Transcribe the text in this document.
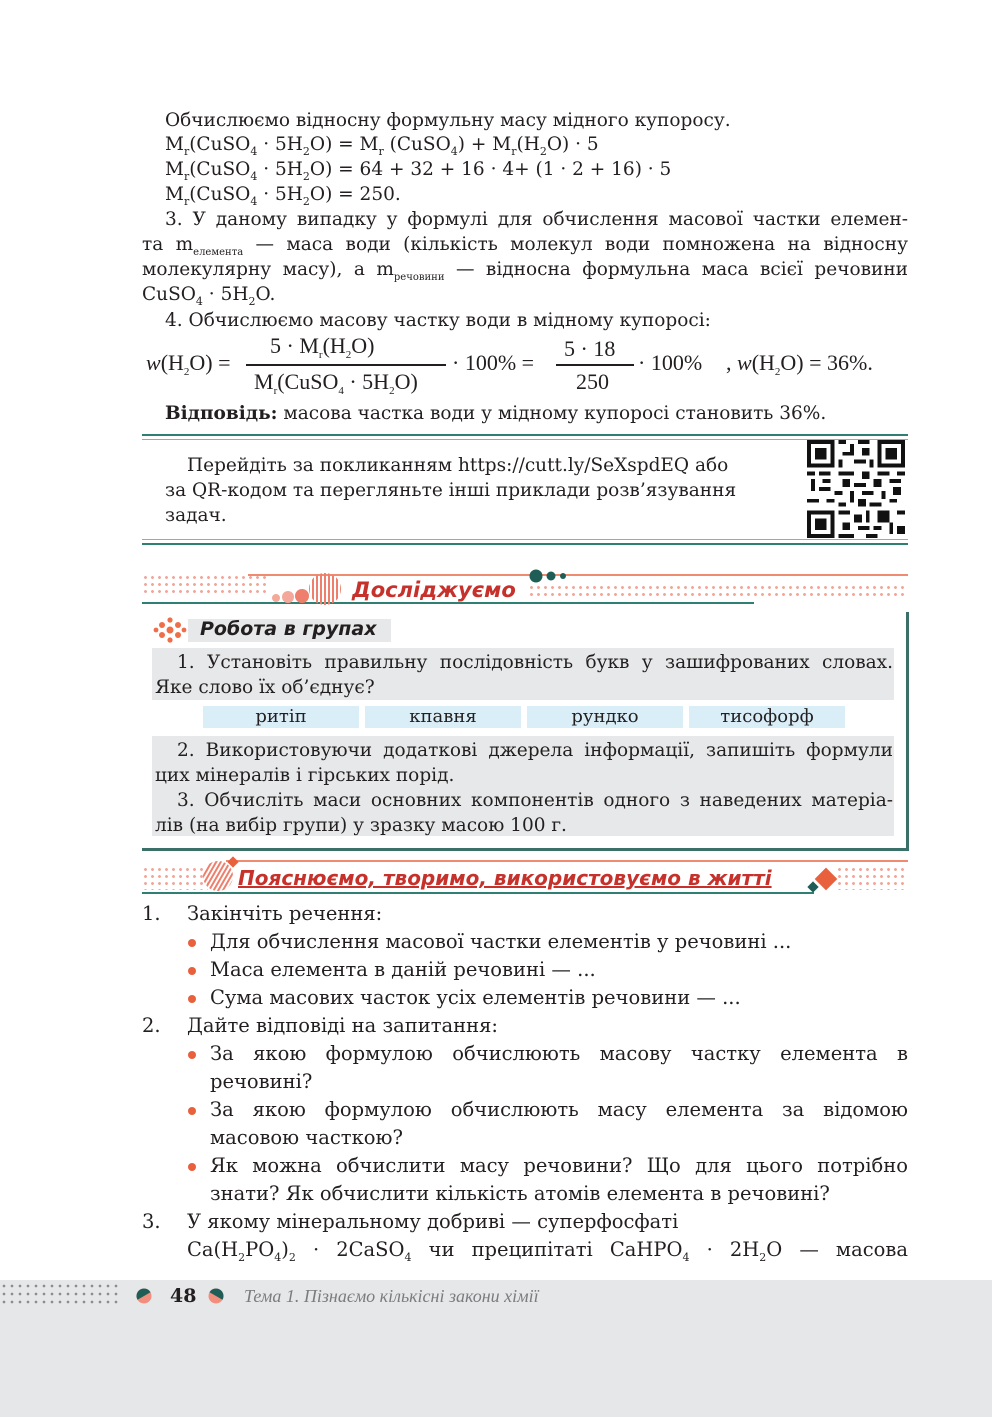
Обчислюємо відносну формульну масу мідного купоросу.
$M_r(CuSO_4 \cdot 5H_2O) = M_r$ (CuSO$_4$) + $M_r(H_2O) \cdot 5$
$M_r(CuSO_4 \cdot 5H_2O) = 64 + 32 + 16 \cdot 4+ (1 \cdot 2 + 16) \cdot 5$
$M_r(CuSO_4 \cdot 5H_2O) = 250$.
3. У даному випадку у формулі для обчислення масової частки елемен-
та $m_{елемента}$ — маса води (кількість молекул води помножена на відносну
молекулярну масу), а $m_{речовини}$ — відносна формульна маса всієї речовини
CuSO$_4$ · $5H_2O$.
4. Обчислюємо масову частку води в мідному купоросі:
$w(H_2O)$ =
$5 \cdot M_r(H_2O)$
$M_r(CuSO_4 \cdot 5H_2O)$
· 100% =
5 · 18
250
· 100% , $w(H_2O) = 36\%$.
Відповідь: масова частка води у мідному купоросі становить 36%.
Перейдіть за покликанням https://cutt.ly/SeXspdEQ або
за QR-кодом та перегляньте інші приклади розв’язування
задач.
Досліджуємо
Робота в групах
1. Установіть правильну послідовність букв у зашифрованих словах.
Яке слово їх об’єднує?
ритіп	кпавня	рундко	тисофорф
2. Використовуючи додаткові джерела інформації, запишіть формули
цих мінералів і гірських порід.
3. Обчисліть маси основних компонентів одного з наведених матеріа-
лів (на вибір групи) у зразку масою 100 г.
Пояснюємо, творимо, використовуємо в житті
1. Закінчіть речення:
Для обчислення масової частки елементів у речовині ...
Маса елемента в даній речовині — ...
Сума масових часток усіх елементів речовини — ...
2. Дайте відповіді на запитання:
За якою формулою обчислюють масову частку елемента в
речовині?
За якою формулою обчислюють масу елемента за відомою
масовою часткою?
Як можна обчислити масу речовини? Що для цього потрібно
знати? Як обчислити кількість атомів елемента в речовині?
3. У якому мінеральному добриві — суперфосфаті
$Ca(H_2PO_4)_2$ · 2CaSO$_4$ чи преципітаті CaHPO$_4$ · $2H_2O$ — масова
48	Тема 1. Пізнаємо кількісні закони хімії
